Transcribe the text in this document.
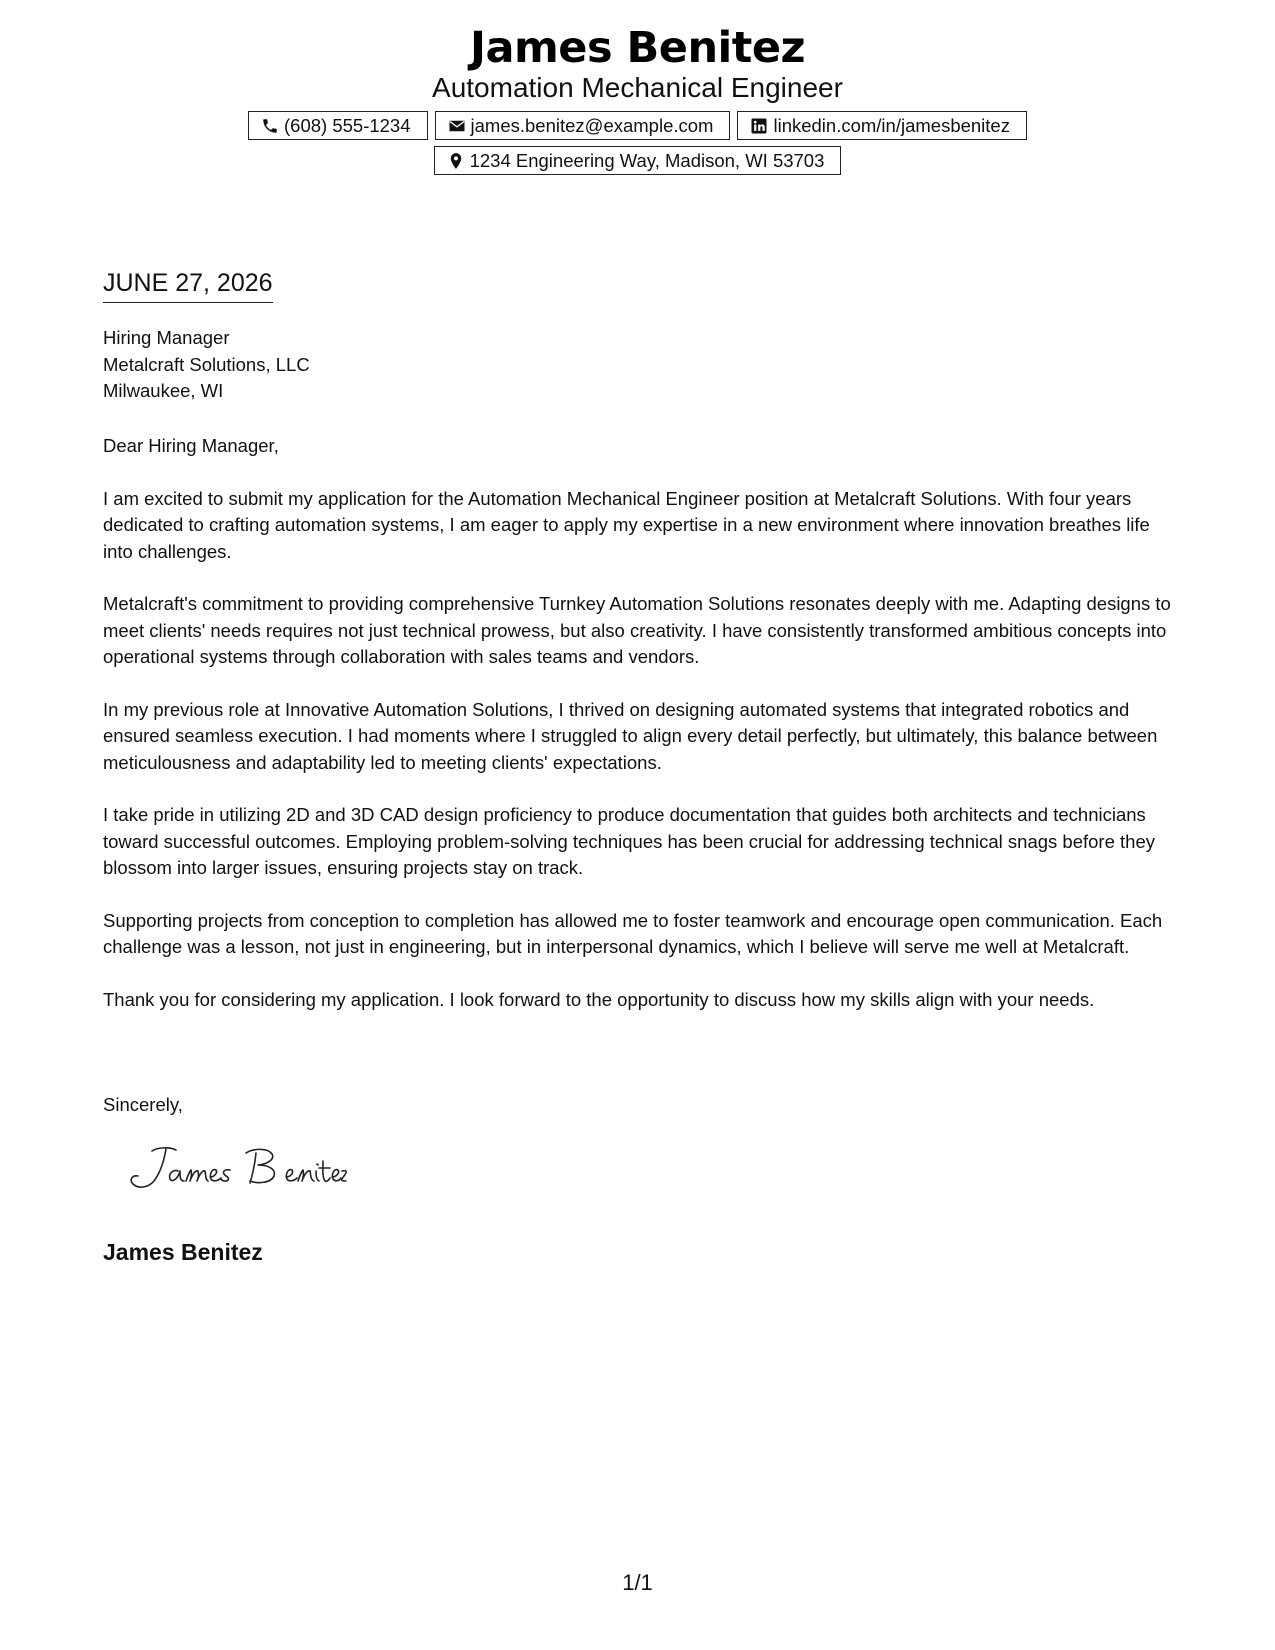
James Benitez
Automation Mechanical Engineer
(608) 555-1234	james.benitez@example.com	linkedin.com/in/jamesbenitez
1234 Engineering Way, Madison, WI 53703
JUNE 27, 2026
Hiring Manager
Metalcraft Solutions, LLC
Milwaukee, WI

Dear Hiring Manager,

I am excited to submit my application for the Automation Mechanical Engineer position at Metalcraft Solutions. With four years dedicated to crafting automation systems, I am eager to apply my expertise in a new environment where innovation breathes life into challenges.

Metalcraft's commitment to providing comprehensive Turnkey Automation Solutions resonates deeply with me. Adapting designs to meet clients' needs requires not just technical prowess, but also creativity. I have consistently transformed ambitious concepts into operational systems through collaboration with sales teams and vendors.

In my previous role at Innovative Automation Solutions, I thrived on designing automated systems that integrated robotics and ensured seamless execution. I had moments where I struggled to align every detail perfectly, but ultimately, this balance between meticulousness and adaptability led to meeting clients' expectations.

I take pride in utilizing 2D and 3D CAD design proficiency to produce documentation that guides both architects and technicians toward successful outcomes. Employing problem-solving techniques has been crucial for addressing technical snags before they blossom into larger issues, ensuring projects stay on track.

Supporting projects from conception to completion has allowed me to foster teamwork and encourage open communication. Each challenge was a lesson, not just in engineering, but in interpersonal dynamics, which I believe will serve me well at Metalcraft.

Thank you for considering my application. I look forward to the opportunity to discuss how my skills align with your needs.

Sincerely,
James Benitez
1/1
